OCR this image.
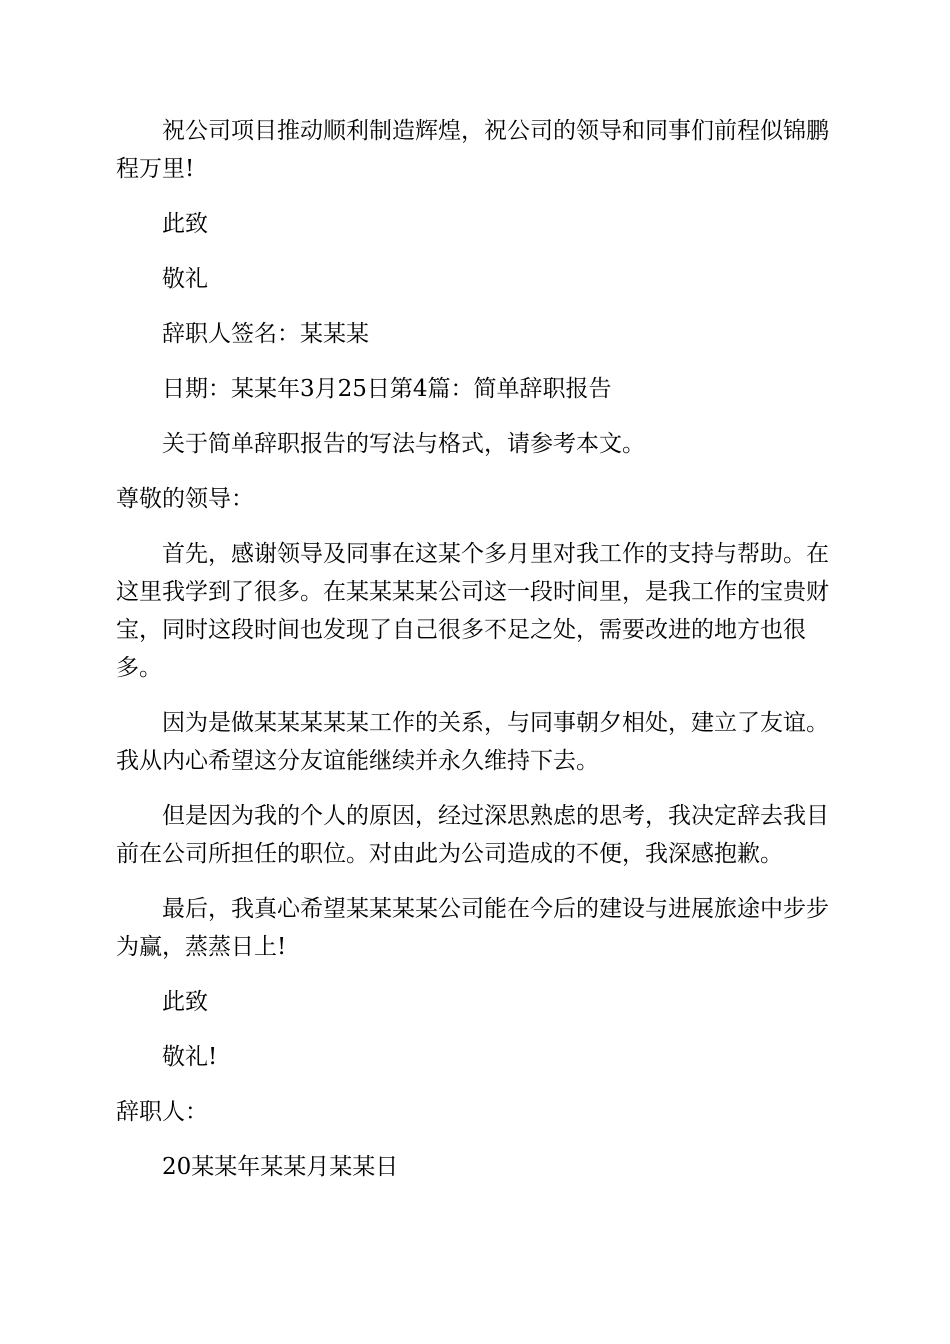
祝公司项目推动顺利制造辉煌，祝公司的领导和同事们前程似锦鹏程万里!

此致

敬礼

辞职人签名：某某某

日期：某某年3月25日第4篇：简单辞职报告

关于简单辞职报告的写法与格式，请参考本文。

尊敬的领导：

首先，感谢领导及同事在这某个多月里对我工作的支持与帮助。在这里我学到了很多。在某某某某公司这一段时间里，是我工作的宝贵财宝，同时这段时间也发现了自己很多不足之处，需要改进的地方也很多。

因为是做某某某某某工作的关系，与同事朝夕相处，建立了友谊。我从内心希望这分友谊能继续并永久维持下去。

但是因为我的个人的原因，经过深思熟虑的思考，我决定辞去我目前在公司所担任的职位。对由此为公司造成的不便，我深感抱歉。

最后，我真心希望某某某某公司能在今后的建设与进展旅途中步步为赢，蒸蒸日上!

此致

敬礼!

辞职人：

20某某年某某月某某日
